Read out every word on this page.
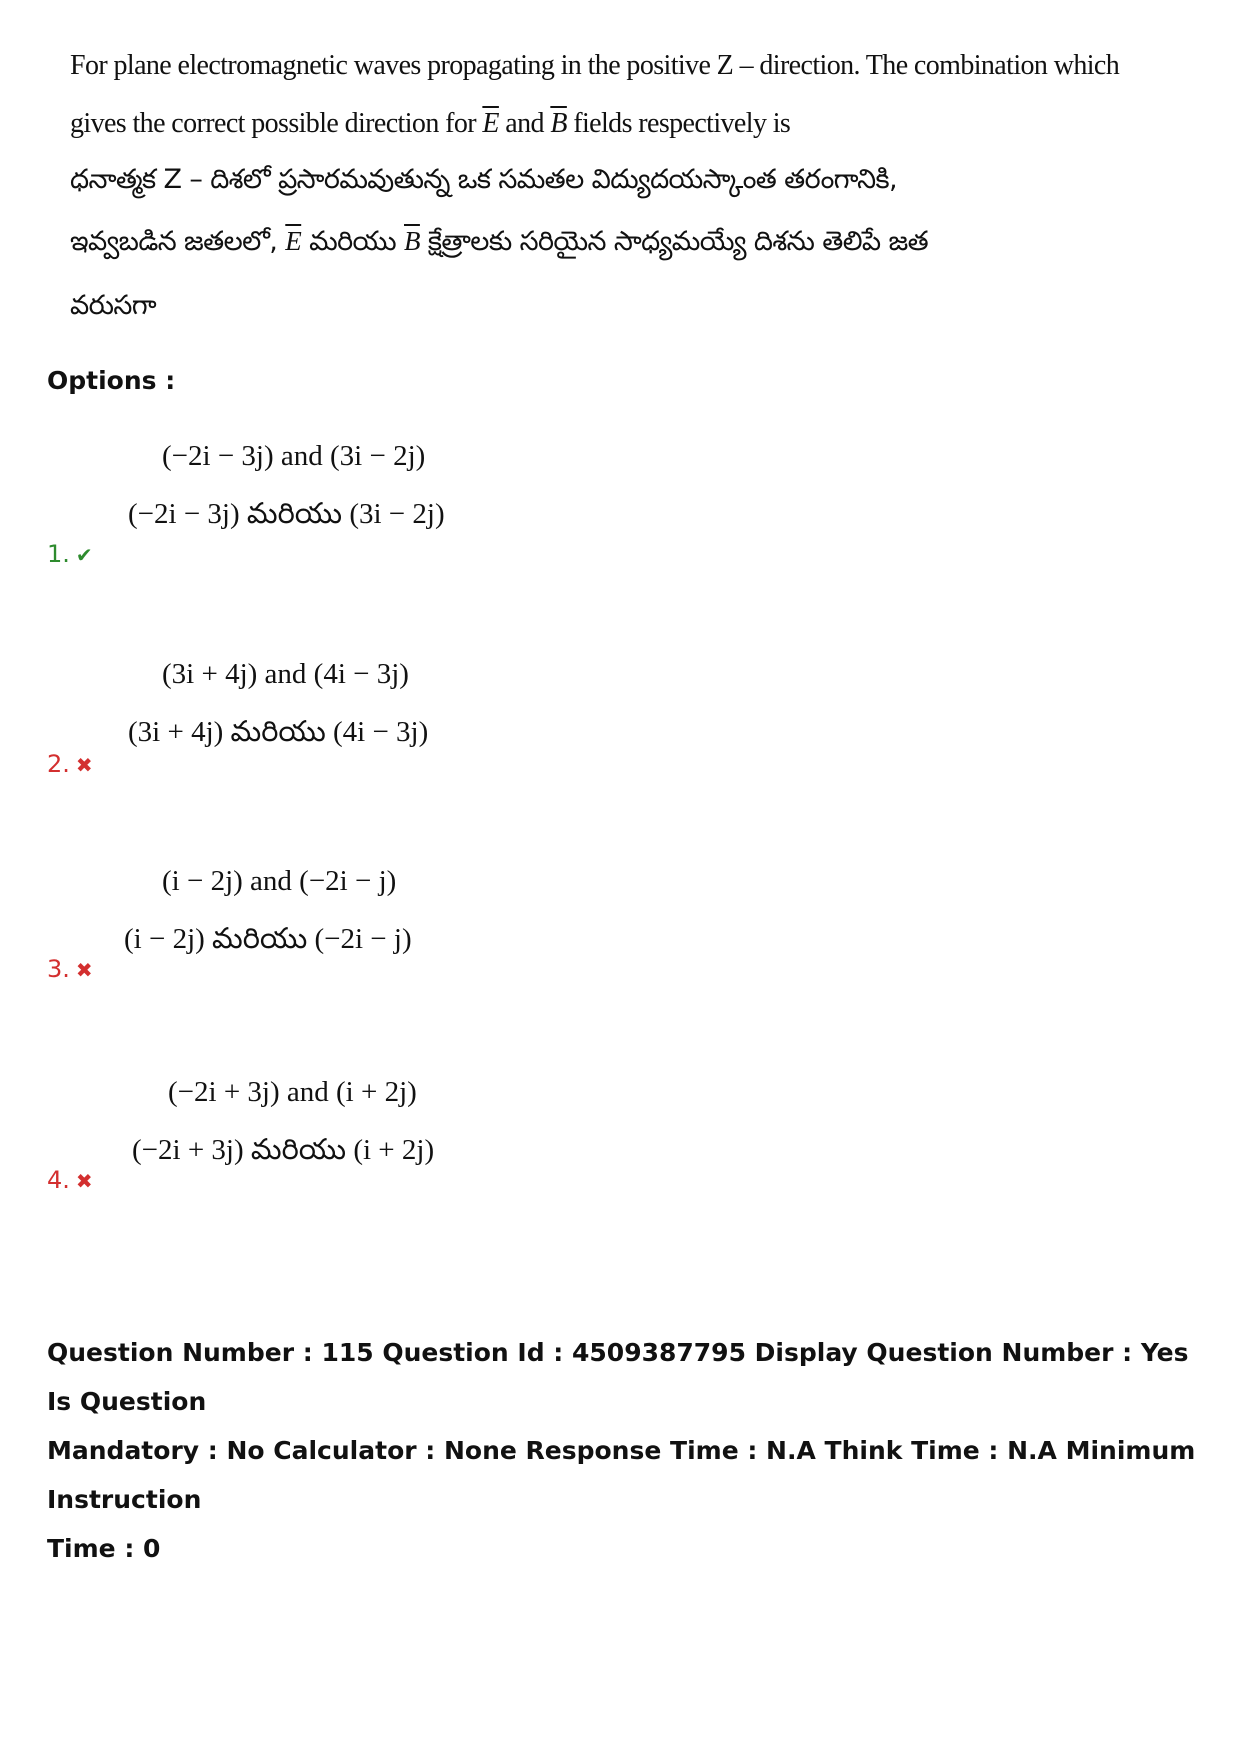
For plane electromagnetic waves propagating in the positive Z – direction. The combination which
gives the correct possible direction for $\overline{E}$ and $\overline{B}$ fields respectively is
ధనాత్మక Z – దిశలో ప్రసారమవుతున్న ఒక సమతల విద్యుదయస్కాంత తరంగానికి,
ఇవ్వబడిన జతలలో, $\overline{E}$ మరియు $\overline{B}$ క్షేత్రాలకు సరియైన సాధ్యమయ్యే దిశను తెలిపే జత
వరుసగా
Options :
(−2i − 3j) and (3i − 2j)
(−2i − 3j) మరియు (3i − 2j)
1. ✔
(3i + 4j) and (4i − 3j)
(3i + 4j) మరియు (4i − 3j)
2. ✖
(i − 2j) and (−2i − j)
(i − 2j) మరియు (−2i − j)
3. ✖
(−2i + 3j) and (i + 2j)
(−2i + 3j) మరియు (i + 2j)
4. ✖
Question Number : 115 Question Id : 4509387795 Display Question Number : Yes Is Question
Mandatory : No Calculator : None Response Time : N.A Think Time : N.A Minimum Instruction
Time : 0
